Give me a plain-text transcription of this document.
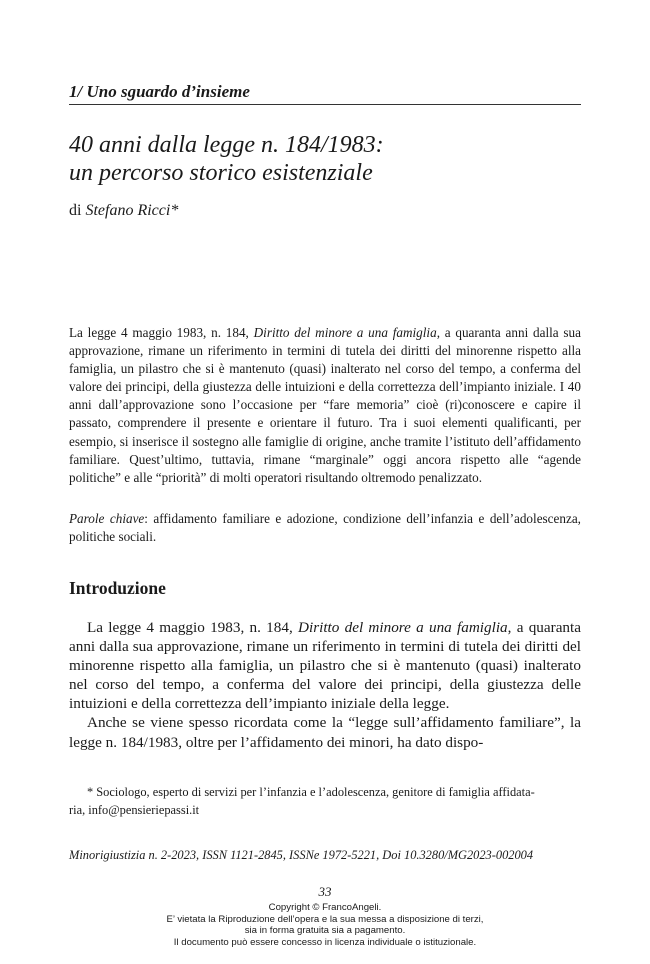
1/ Uno sguardo d’insieme
40 anni dalla legge n. 184/1983:
un percorso storico esistenziale
di Stefano Ricci*
La legge 4 maggio 1983, n. 184, Diritto del minore a una famiglia, a quaranta anni dalla sua approvazione, rimane un riferimento in termini di tutela dei diritti del minorenne rispetto alla famiglia, un pilastro che si è mantenuto (quasi) inalterato nel corso del tempo, a conferma del valore dei principi, della giustezza delle intuizioni e della correttezza dell’impianto iniziale. I 40 anni dall’approvazione sono l’occasione per “fare memoria” cioè (ri)conoscere e capire il passato, comprendere il presente e orientare il futuro. Tra i suoi elementi qualificanti, per esempio, si inserisce il sostegno alle famiglie di origine, anche tramite l’istituto dell’affidamento familiare. Quest’ultimo, tuttavia, rimane “marginale” oggi ancora rispetto alle “agende politiche” e alle “priorità” di molti operatori risultando oltremodo penalizzato.
Parole chiave: affidamento familiare e adozione, condizione dell’infanzia e dell’adolescenza, politiche sociali.
Introduzione

La legge 4 maggio 1983, n. 184, Diritto del minore a una famiglia, a quaranta anni dalla sua approvazione, rimane un riferimento in termini di tutela dei diritti del minorenne rispetto alla famiglia, un pilastro che si è mantenuto (quasi) inalterato nel corso del tempo, a conferma del valore dei principi, della giustezza delle intuizioni e della correttezza dell’impianto iniziale della legge.

Anche se viene spesso ricordata come la “legge sull’affidamento familiare”, la legge n. 184/1983, oltre per l’affidamento dei minori, ha dato dispo-

* Sociologo, esperto di servizi per l’infanzia e l’adolescenza, genitore di famiglia affidata-
ria, info@pensieriepassi.it
Minorigiustizia n. 2-2023, ISSN 1121-2845, ISSNe 1972-5221, Doi 10.3280/MG2023-002004
33
Copyright © FrancoAngeli.
E’ vietata la Riproduzione dell’opera e la sua messa a disposizione di terzi,
sia in forma gratuita sia a pagamento.
Il documento può essere concesso in licenza individuale o istituzionale.
